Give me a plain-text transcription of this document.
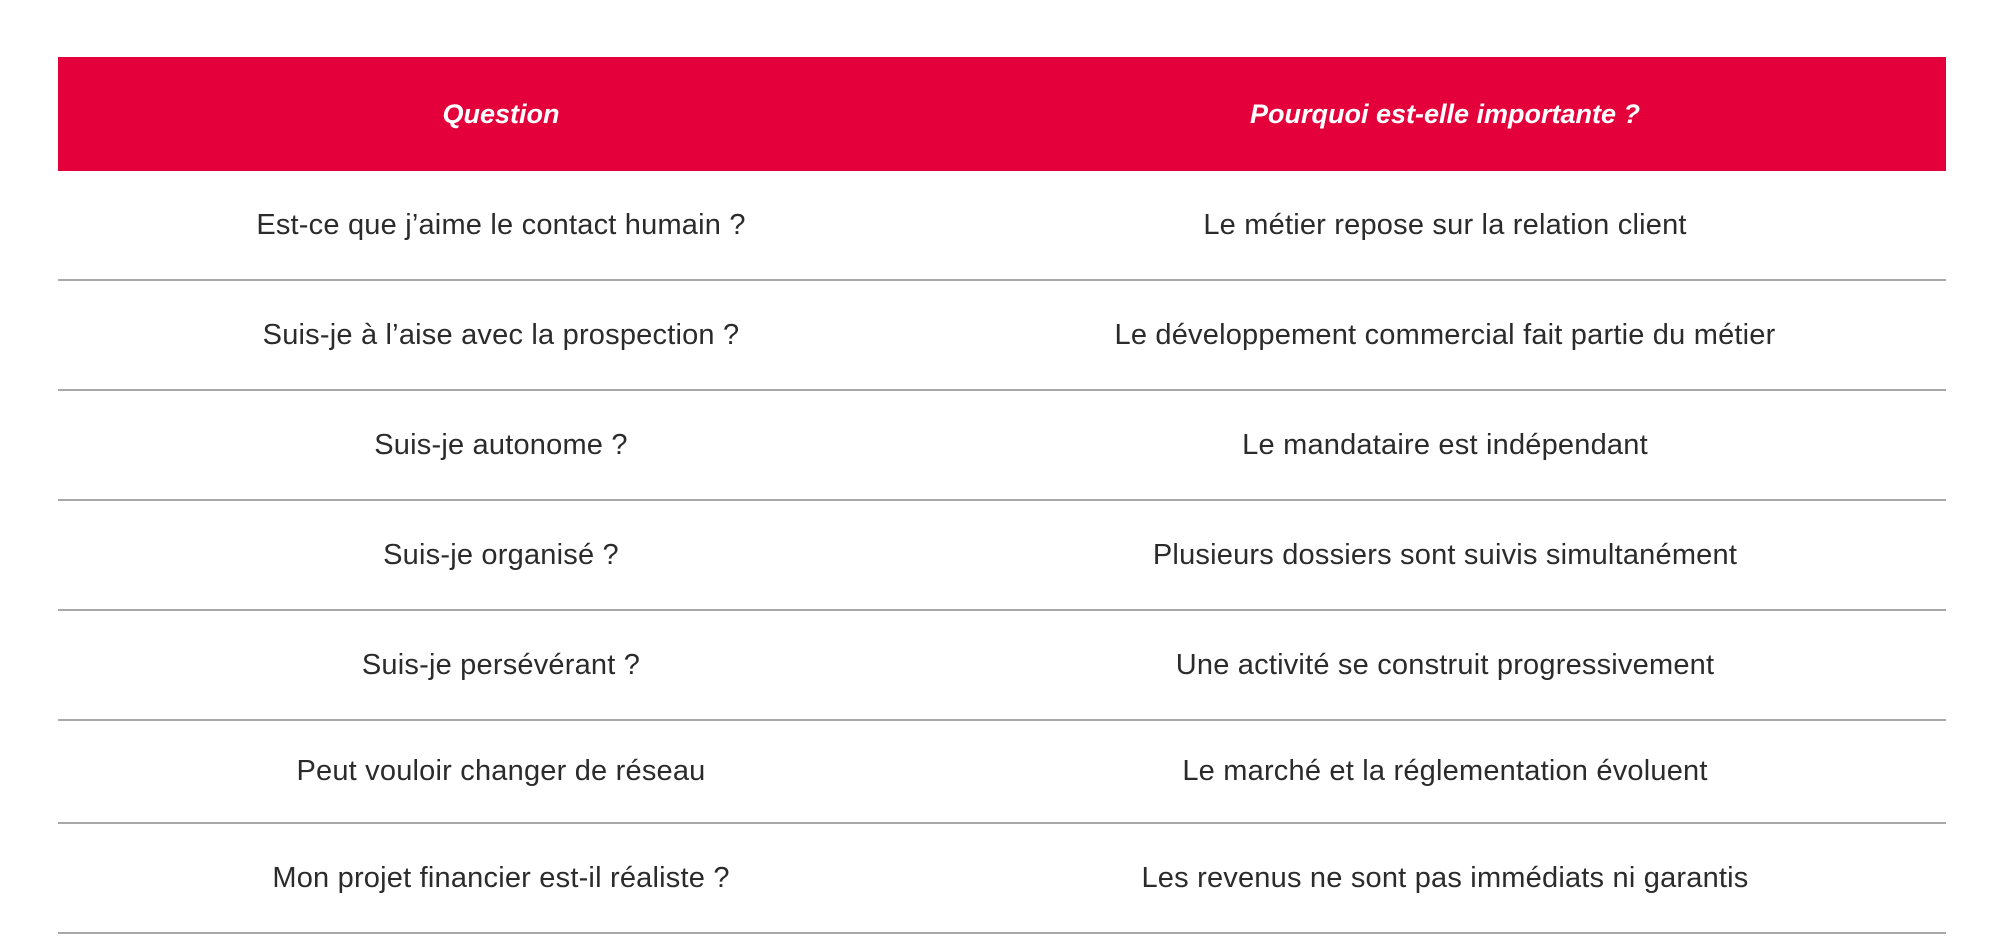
Question	Pourquoi est-elle importante ?
Est-ce que j’aime le contact humain ?	Le métier repose sur la relation client
Suis-je à l’aise avec la prospection ?	Le développement commercial fait partie du métier
Suis-je autonome ?	Le mandataire est indépendant
Suis-je organisé ?	Plusieurs dossiers sont suivis simultanément
Suis-je persévérant ?	Une activité se construit progressivement
Peut vouloir changer de réseau	Le marché et la réglementation évoluent
Mon projet financier est-il réaliste ?	Les revenus ne sont pas immédiats ni garantis
